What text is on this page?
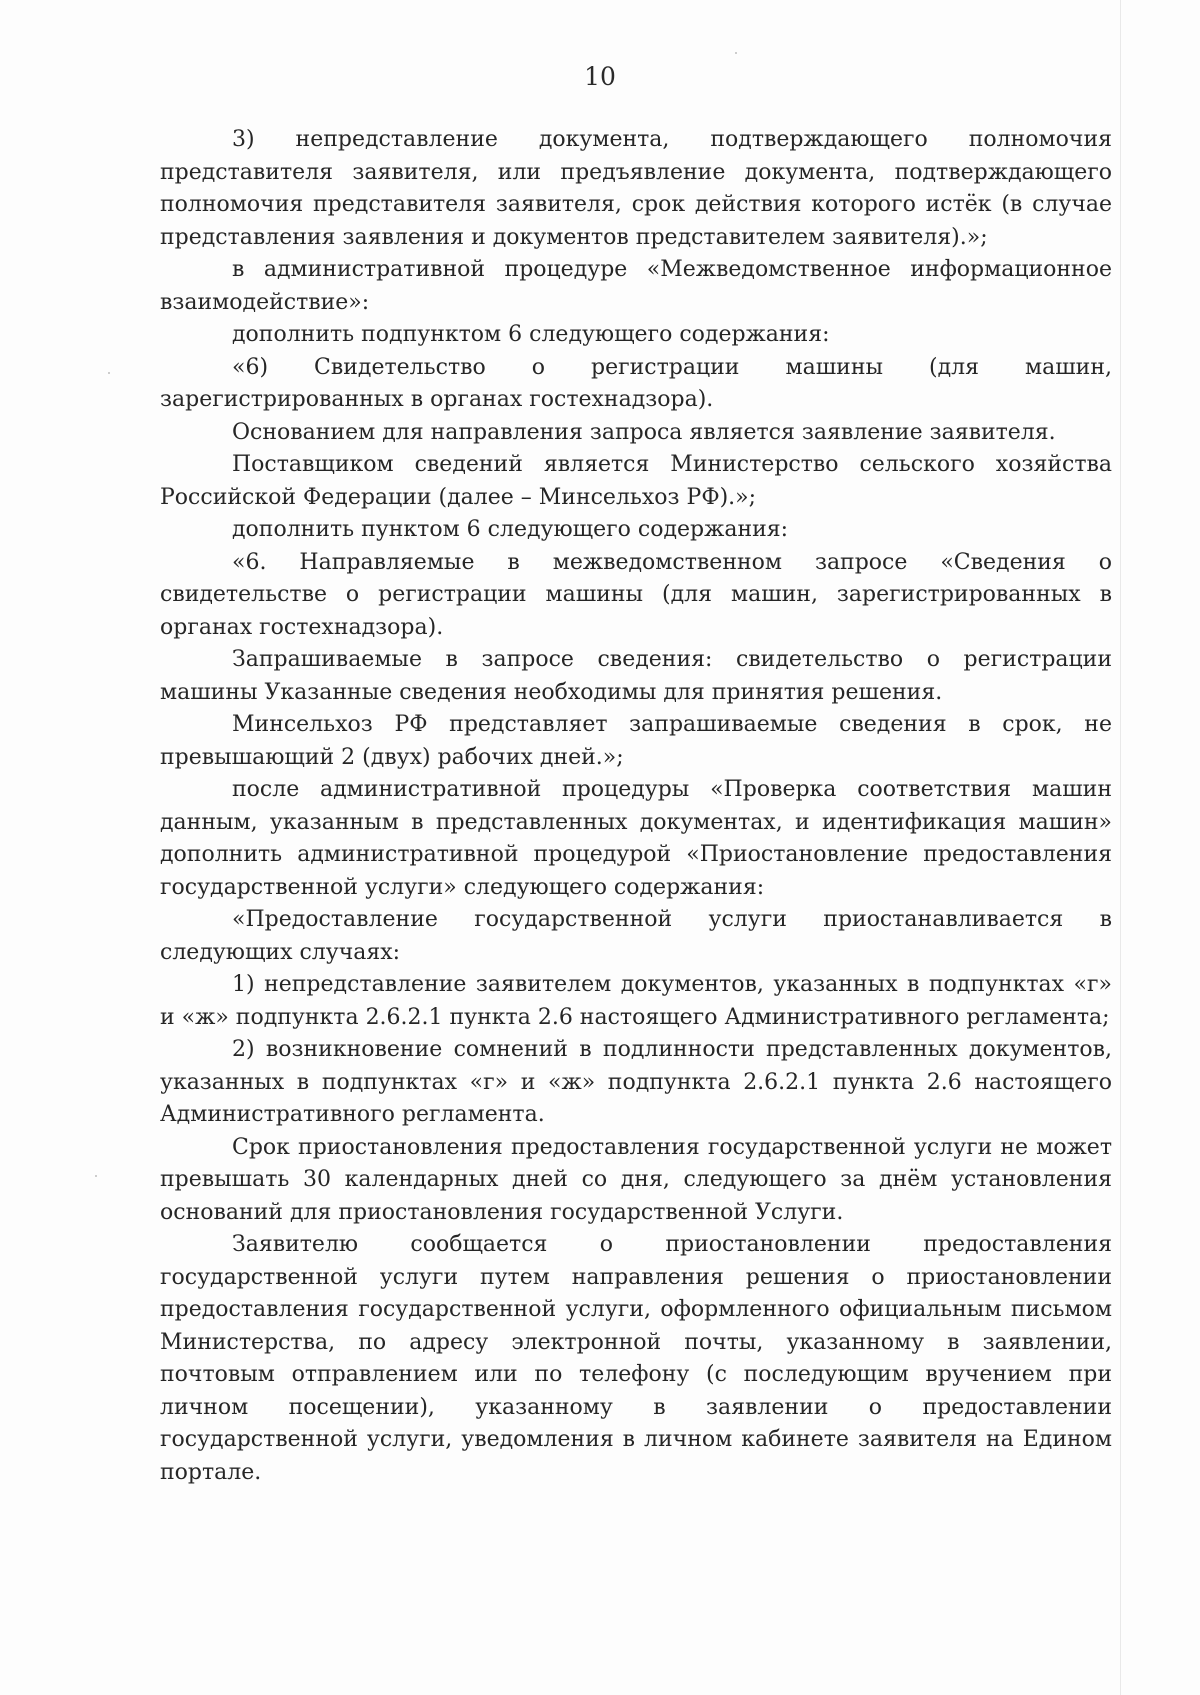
10

3) непредставление документа, подтверждающего полномочия представителя заявителя, или предъявление документа, подтверждающего полномочия представителя заявителя, срок действия которого истёк (в случае представления заявления и документов представителем заявителя).»;

в административной процедуре «Межведомственное информационное взаимодействие»:

дополнить подпунктом 6 следующего содержания:

«6) Свидетельство о регистрации машины (для машин, зарегистрированных в органах гостехнадзора).

Основанием для направления запроса является заявление заявителя.

Поставщиком сведений является Министерство сельского хозяйства Российской Федерации (далее – Минсельхоз РФ).»;

дополнить пунктом 6 следующего содержания:

«6. Направляемые в межведомственном запросе «Сведения о свидетельстве о регистрации машины (для машин, зарегистрированных в органах гостехнадзора).

Запрашиваемые в запросе сведения: свидетельство о регистрации машины Указанные сведения необходимы для принятия решения.

Минсельхоз РФ представляет запрашиваемые сведения в срок, не превышающий 2 (двух) рабочих дней.»;

после административной процедуры «Проверка соответствия машин данным, указанным в представленных документах, и идентификация машин» дополнить административной процедурой «Приостановление предоставления государственной услуги» следующего содержания:

«Предоставление государственной услуги приостанавливается в следующих случаях:

1) непредставление заявителем документов, указанных в подпунктах «г» и «ж» подпункта 2.6.2.1 пункта 2.6 настоящего Административного регламента;

2) возникновение сомнений в подлинности представленных документов, указанных в подпунктах «г» и «ж» подпункта 2.6.2.1 пункта 2.6 настоящего Административного регламента.

Срок приостановления предоставления государственной услуги не может превышать 30 календарных дней со дня, следующего за днём установления оснований для приостановления государственной Услуги.

Заявителю сообщается о приостановлении предоставления государственной услуги путем направления решения о приостановлении предоставления государственной услуги, оформленного официальным письмом Министерства, по адресу электронной почты, указанному в заявлении, почтовым отправлением или по телефону (с последующим вручением при личном посещении), указанному в заявлении о предоставлении государственной услуги, уведомления в личном кабинете заявителя на Едином портале.
